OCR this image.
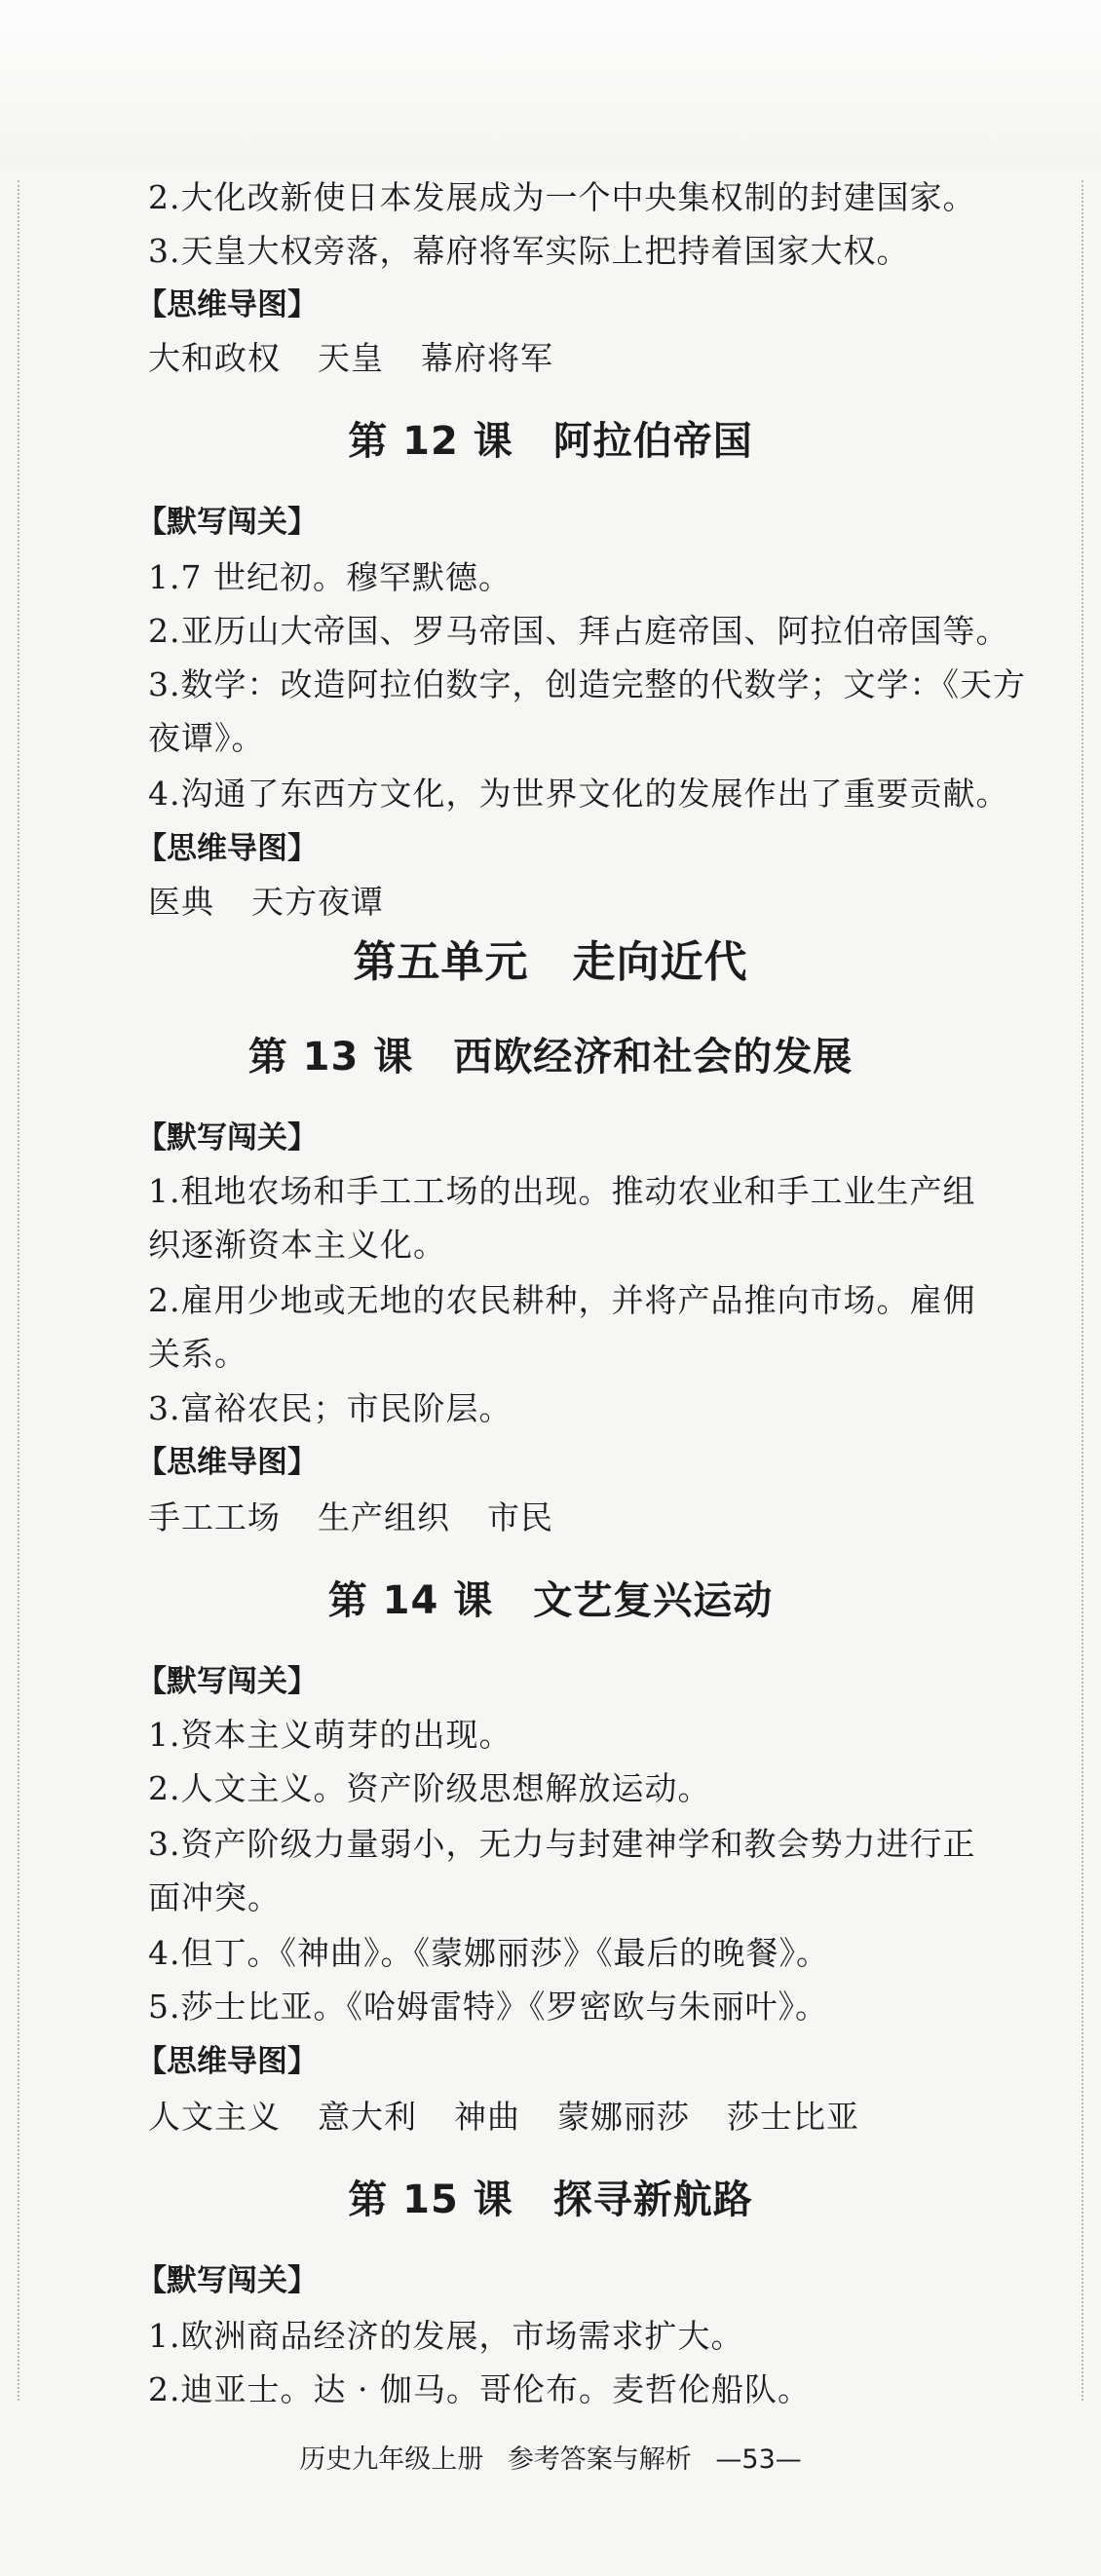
2.大化改新使日本发展成为一个中央集权制的封建国家。
3.天皇大权旁落，幕府将军实际上把持着国家大权。
【思维导图】
大和政权 天皇 幕府将军
第 12 课　阿拉伯帝国
【默写闯关】
1.7 世纪初。穆罕默德。
2.亚历山大帝国、罗马帝国、拜占庭帝国、阿拉伯帝国等。
3.数学：改造阿拉伯数字，创造完整的代数学；文学：《天方
夜谭》。
4.沟通了东西方文化，为世界文化的发展作出了重要贡献。
【思维导图】
医典 天方夜谭
第五单元　走向近代
第 13 课　西欧经济和社会的发展
【默写闯关】
1.租地农场和手工工场的出现。推动农业和手工业生产组
织逐渐资本主义化。
2.雇用少地或无地的农民耕种，并将产品推向市场。雇佣
关系。
3.富裕农民；市民阶层。
【思维导图】
手工工场 生产组织 市民
第 14 课　文艺复兴运动
【默写闯关】
1.资本主义萌芽的出现。
2.人文主义。资产阶级思想解放运动。
3.资产阶级力量弱小，无力与封建神学和教会势力进行正
面冲突。
4.但丁。《神曲》。《蒙娜丽莎》《最后的晚餐》。
5.莎士比亚。《哈姆雷特》《罗密欧与朱丽叶》。
【思维导图】
人文主义 意大利 神曲 蒙娜丽莎 莎士比亚
第 15 课　探寻新航路
【默写闯关】
1.欧洲商品经济的发展，市场需求扩大。
2.迪亚士。达 · 伽马。哥伦布。麦哲伦船队。
历史九年级上册 参考答案与解析 —53—
